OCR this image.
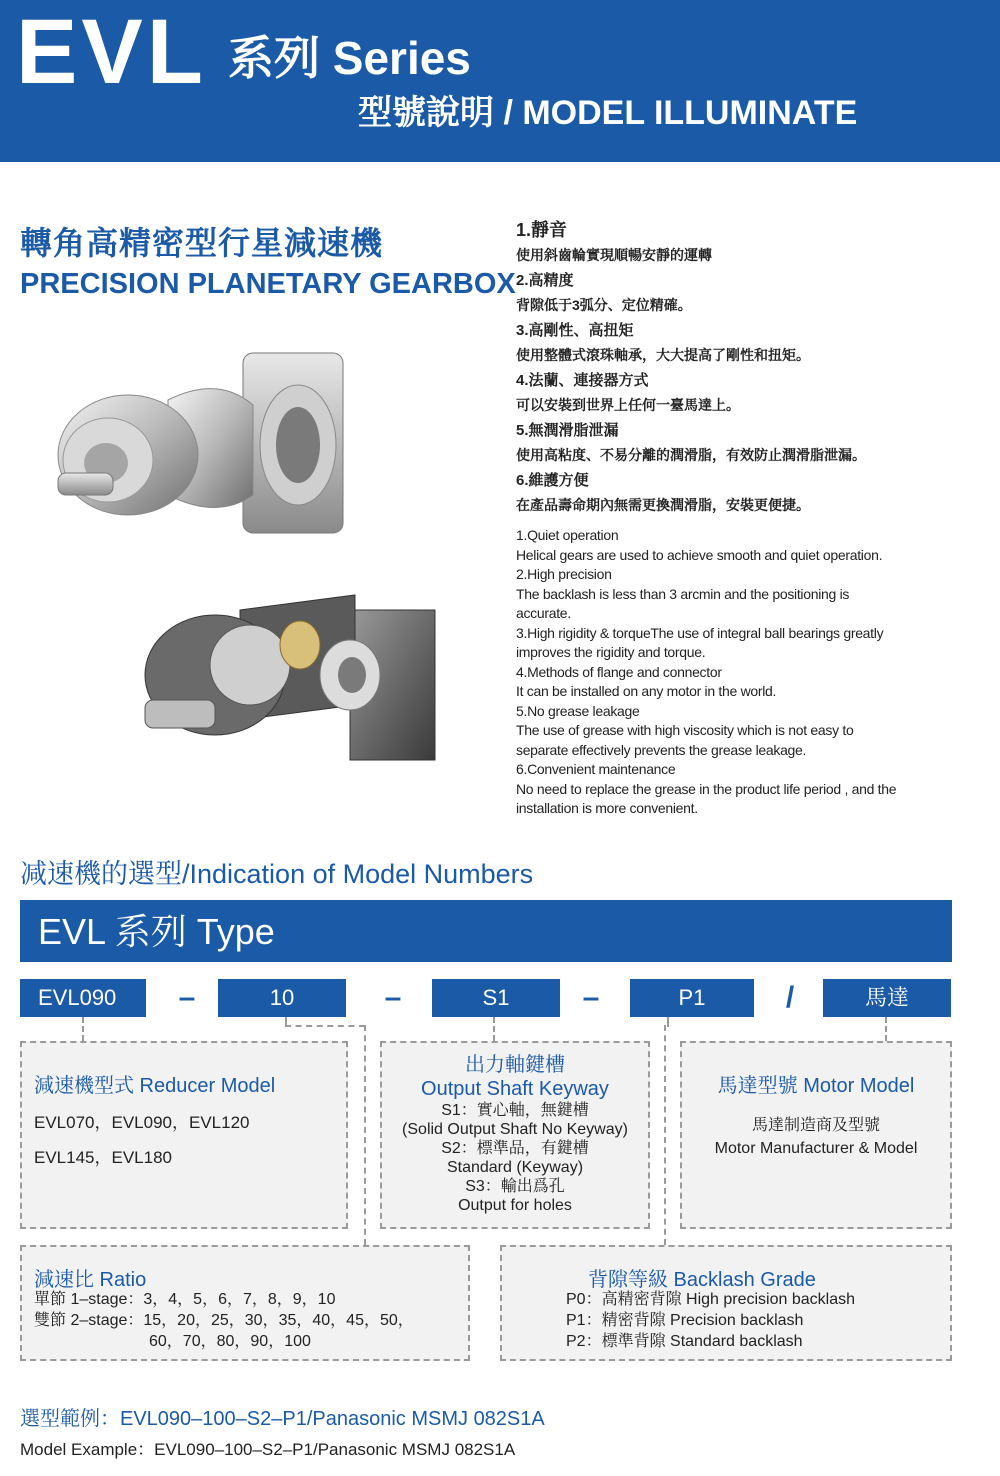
EVL 系列 Series
型號說明 / MODEL ILLUMINATE
轉角高精密型行星減速機
PRECISION PLANETARY GEARBOX
1.靜音
使用斜齒輪實現順暢安靜的運轉
2.高精度
背隙低于3弧分、定位精確。
3.高剛性、高扭矩
使用整體式滾珠軸承，大大提高了剛性和扭矩。
4.法蘭、連接器方式
可以安裝到世界上任何一臺馬達上。
5.無潤滑脂泄漏
使用高粘度、不易分離的潤滑脂，有效防止潤滑脂泄漏。
6.維護方便
在產品壽命期內無需更換潤滑脂，安裝更便捷。
1.Quiet operation
Helical gears are used to achieve smooth and quiet operation.
2.High precision
The backlash is less than 3 arcmin and the positioning is
accurate.
3.High rigidity & torqueThe use of integral ball bearings greatly
improves the rigidity and torque.
4.Methods of flange and connector
It can be installed on any motor in the world.
5.No grease leakage
The use of grease with high viscosity which is not easy to
separate effectively prevents the grease leakage.
6.Convenient maintenance
No need to replace the grease in the product life period , and the
installation is more convenient.
减速機的選型/Indication of Model Numbers
EVL 系列 Type
EVL090	–	10	–	S1	–	P1	/	馬達
減速機型式 Reducer Model
EVL070，EVL090，EVL120
EVL145，EVL180
出力軸鍵槽
Output Shaft Keyway
S1：實心軸，無鍵槽
(Solid Output Shaft No Keyway)
S2：標準品，有鍵槽
Standard (Keyway)
S3：輸出爲孔
Output for holes
馬達型號 Motor Model
馬達制造商及型號
Motor Manufacturer & Model
減速比 Ratio
單節 1–stage：3，4，5，6，7，8，9，10
雙節 2–stage：15，20，25，30，35，40，45，50，
60，70，80，90，100
背隙等級 Backlash Grade
P0：高精密背隙 High precision backlash
P1：精密背隙 Precision backlash
P2：標準背隙 Standard backlash
選型範例：EVL090–100–S2–P1/Panasonic MSMJ 082S1A
Model Example：EVL090–100–S2–P1/Panasonic MSMJ 082S1A
